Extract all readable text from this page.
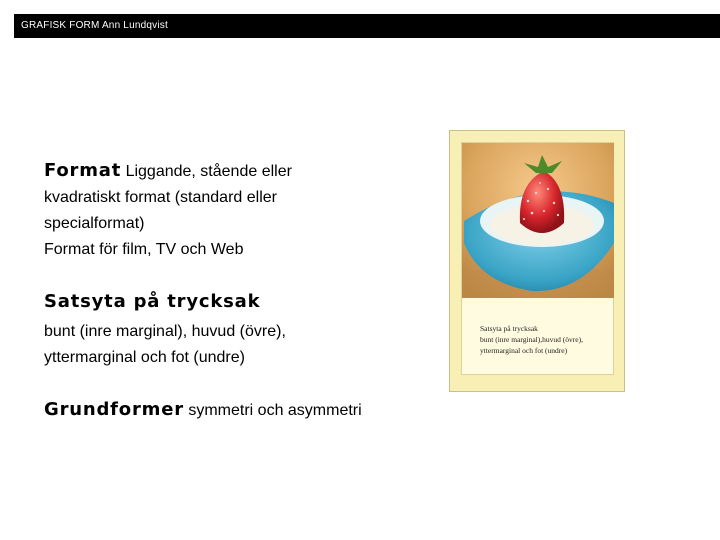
GRAFISK FORM Ann Lundqvist
Format Liggande, stående eller
kvadratiskt format (standard eller
specialformat)
Format för film, TV och Web
Satsyta på trycksak
bunt (inre marginal), huvud (övre),
yttermarginal och fot (undre)
Grundformer symmetri och asymmetri
Satsyta på trycksak
bunt (inre marginal),huvud (övre),
yttermarginal och fot (undre)
